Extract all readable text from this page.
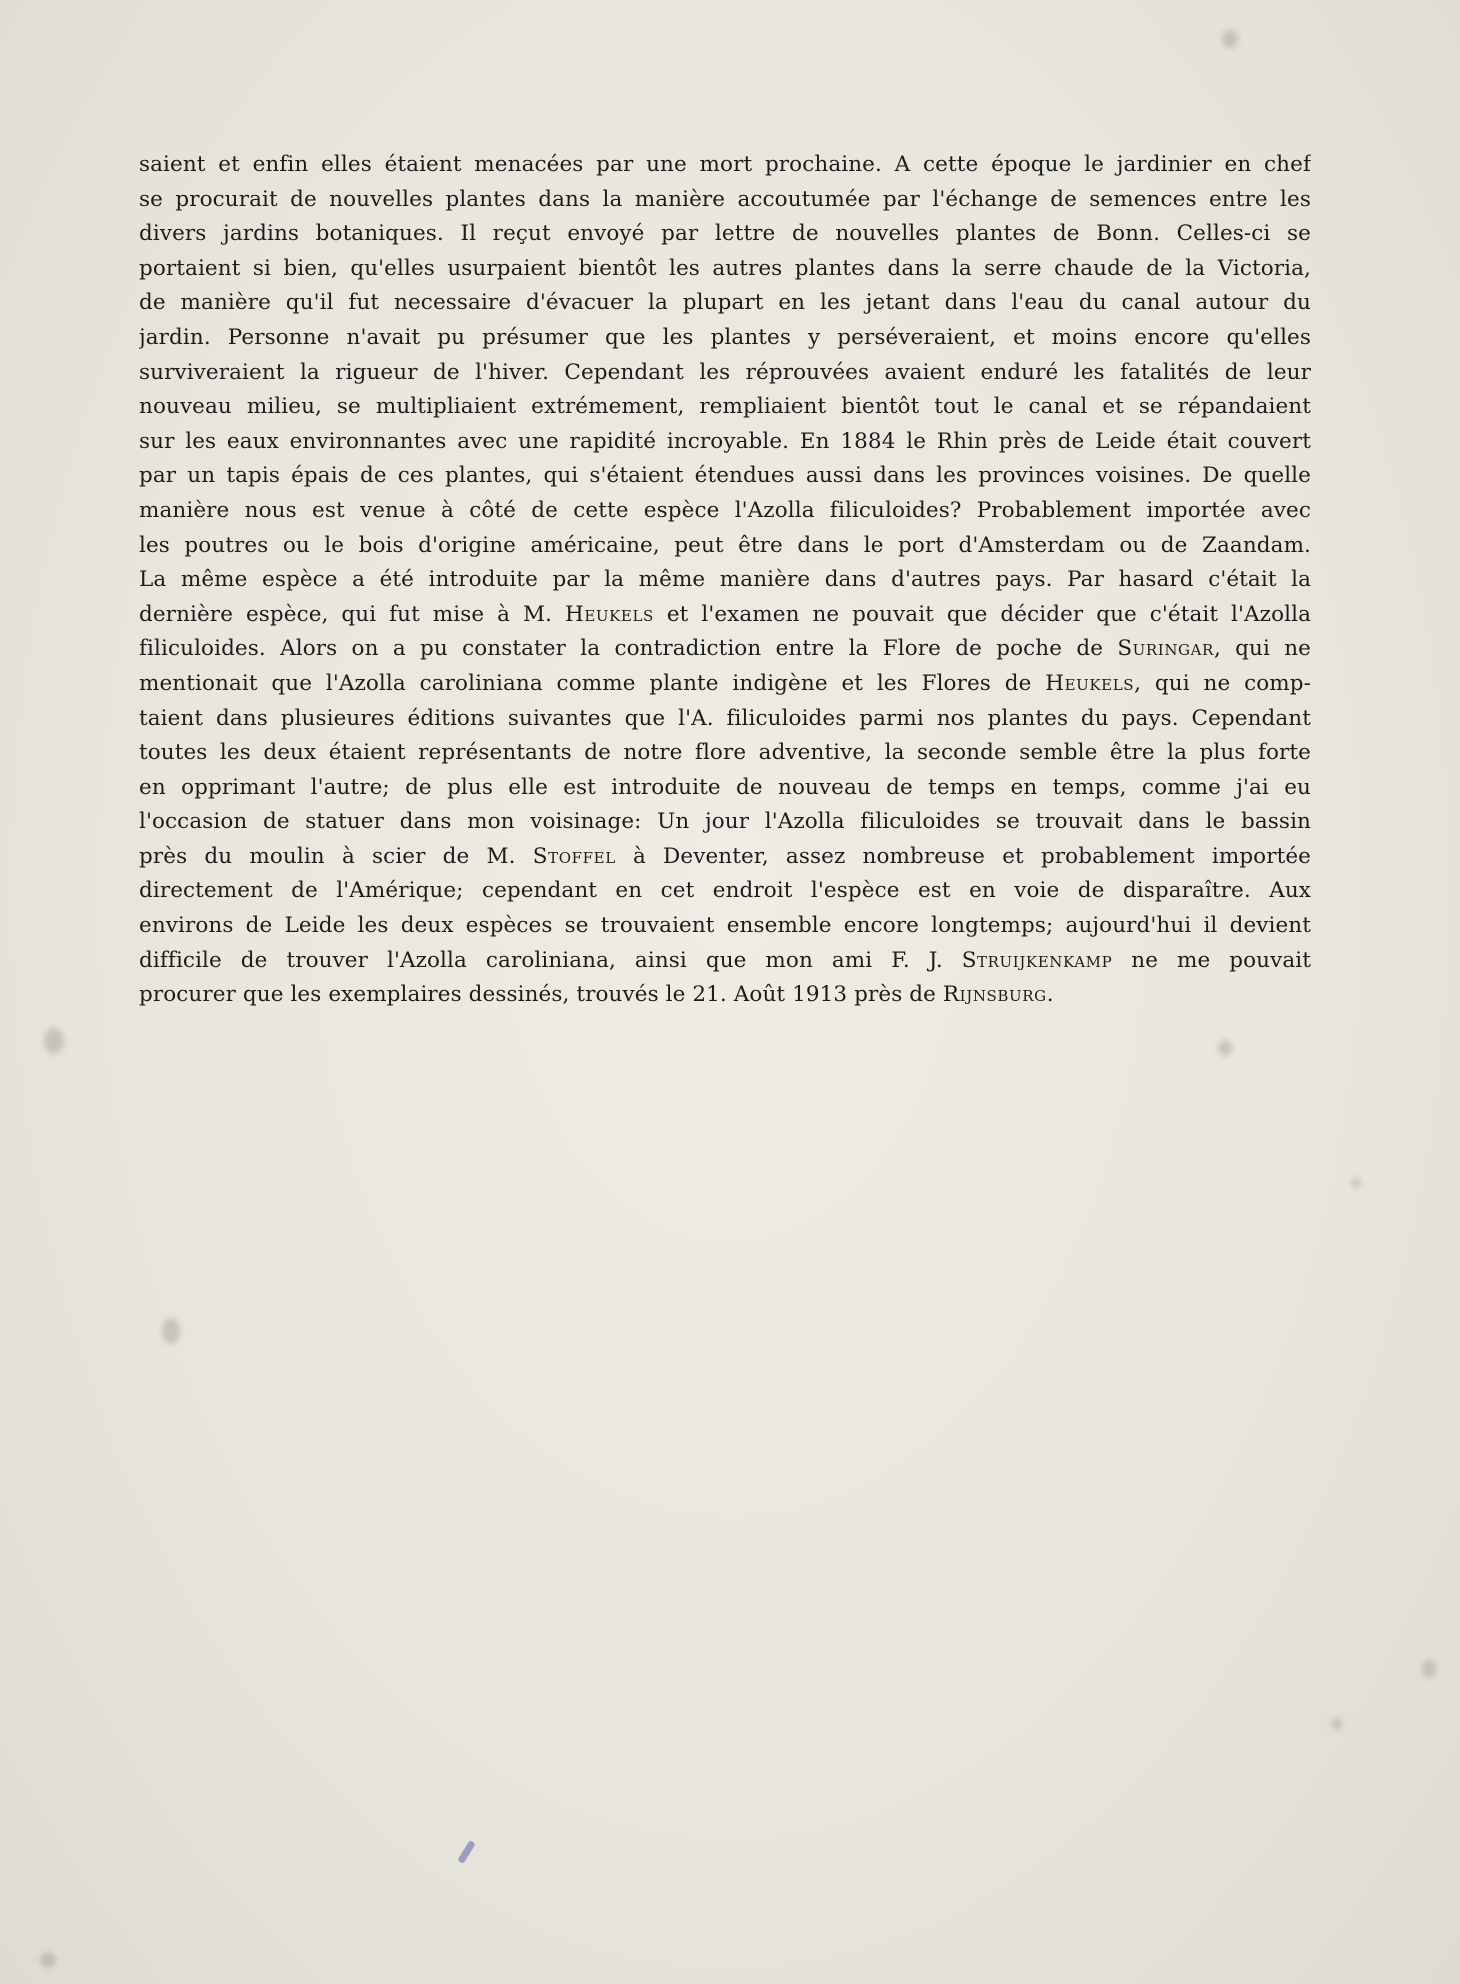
saient et enfin elles étaient menacées par une mort prochaine. A cette époque le jardinier en chef
se procurait de nouvelles plantes dans la manière accoutumée par l'échange de semences entre les
divers jardins botaniques. Il reçut envoyé par lettre de nouvelles plantes de Bonn. Celles-ci se
portaient si bien, qu'elles usurpaient bientôt les autres plantes dans la serre chaude de la Victoria,
de manière qu'il fut necessaire d'évacuer la plupart en les jetant dans l'eau du canal autour du
jardin. Personne n'avait pu présumer que les plantes y perséveraient, et moins encore qu'elles
surviveraient la rigueur de l'hiver. Cependant les réprouvées avaient enduré les fatalités de leur
nouveau milieu, se multipliaient extrémement, rempliaient bientôt tout le canal et se répandaient
sur les eaux environnantes avec une rapidité incroyable. En 1884 le Rhin près de Leide était couvert
par un tapis épais de ces plantes, qui s'étaient étendues aussi dans les provinces voisines. De quelle
manière nous est venue à côté de cette espèce l'Azolla filiculoides? Probablement importée avec
les poutres ou le bois d'origine américaine, peut être dans le port d'Amsterdam ou de Zaandam.
La même espèce a été introduite par la même manière dans d'autres pays. Par hasard c'était la
dernière espèce, qui fut mise à M. Heukels et l'examen ne pouvait que décider que c'était l'Azolla
filiculoides. Alors on a pu constater la contradiction entre la Flore de poche de Suringar, qui ne
mentionait que l'Azolla caroliniana comme plante indigène et les Flores de Heukels, qui ne comp-
taient dans plusieures éditions suivantes que l'A. filiculoides parmi nos plantes du pays. Cependant
toutes les deux étaient représentants de notre flore adventive, la seconde semble être la plus forte
en opprimant l'autre; de plus elle est introduite de nouveau de temps en temps, comme j'ai eu
l'occasion de statuer dans mon voisinage: Un jour l'Azolla filiculoides se trouvait dans le bassin
près du moulin à scier de M. Stoffel à Deventer, assez nombreuse et probablement importée
directement de l'Amérique; cependant en cet endroit l'espèce est en voie de disparaître. Aux
environs de Leide les deux espèces se trouvaient ensemble encore longtemps; aujourd'hui il devient
difficile de trouver l'Azolla caroliniana, ainsi que mon ami F. J. Struijkenkamp ne me pouvait
procurer que les exemplaires dessinés, trouvés le 21. Août 1913 près de Rijnsburg.
